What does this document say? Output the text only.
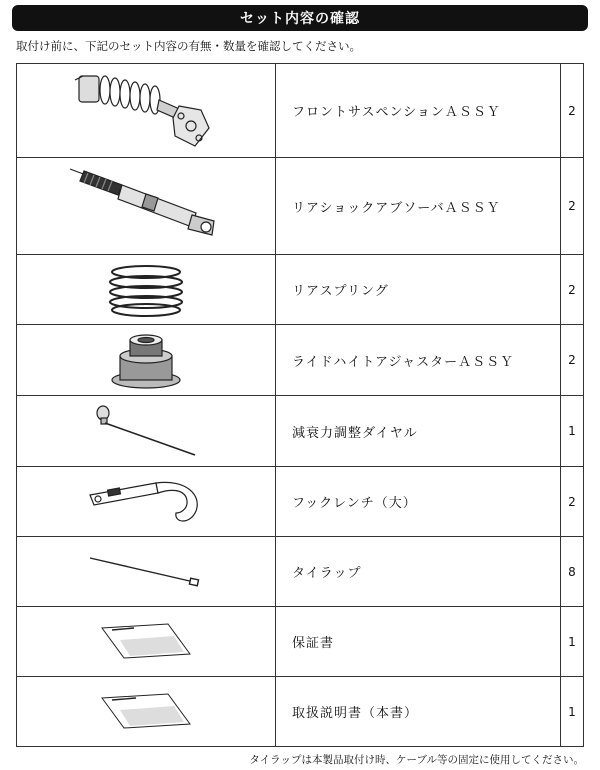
セット内容の確認
取付け前に、下記のセット内容の有無・数量を確認してください。
	フロントサスペンションＡＳＳＹ	2

	リアショックアブソーバＡＳＳＹ	2

	リアスプリング	2

	ライドハイトアジャスターＡＳＳＹ	2

	減衰力調整ダイヤル	1

	フックレンチ（大）	2

	タイラップ	8

	保証書	1

	取扱説明書（本書）	1
タイラップは本製品取付け時、ケーブル等の固定に使用してください。
